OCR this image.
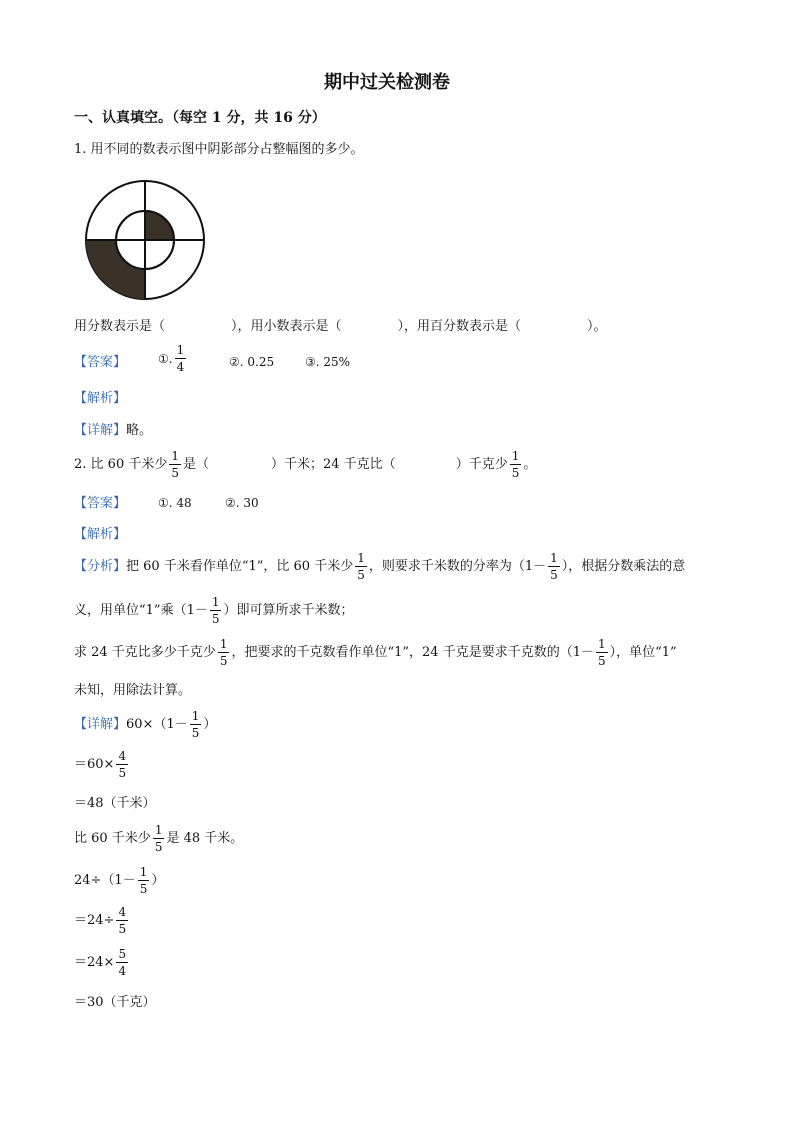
期中过关检测卷
一、认真填空。（每空 1 分，共 16 分）
1. 用不同的数表示图中阴影部分占整幅图的多少。
用分数表示是（	），用小数表示是（	），用百分数表示是（	）。
【答案】	①. $\frac{1}{4}$	②. 0.25	③. 25%
【解析】
【详解】略。
2. 比 60 千米少 $\frac{1}{5}$ 是（	）千米；24 千克比（	）千克少 $\frac{1}{5}$ 。
【答案】	①. 48	②. 30
【解析】
【分析】 把 60 千米看作单位“1”，比 60 千米少 $\frac{1}{5}$ ，则要求千米数的分率为（$1- \frac{1}{5}$ ），根据分数乘法的意
义，用单位“1”乘（$1- \frac{1}{5}$ ）即可算所求千米数；
求 24 千克比多少千克少 $\frac{1}{5}$ ，把要求的千克数看作单位“1”，24 千克是要求千克数的（$1- \frac{1}{5}$ ），单位“1”
未知，用除法计算。
【详解】 $60\times(1- \frac{1}{5}$ ）
$=60\times \frac{4}{5}$
＝48（千米）
比 60 千米少 $\frac{1}{5}$ 是 48 千米。
$24\div(1- \frac{1}{5}$ ）
$=24\div \frac{4}{5}$
$=24\times \frac{5}{4}$
＝30（千克）
